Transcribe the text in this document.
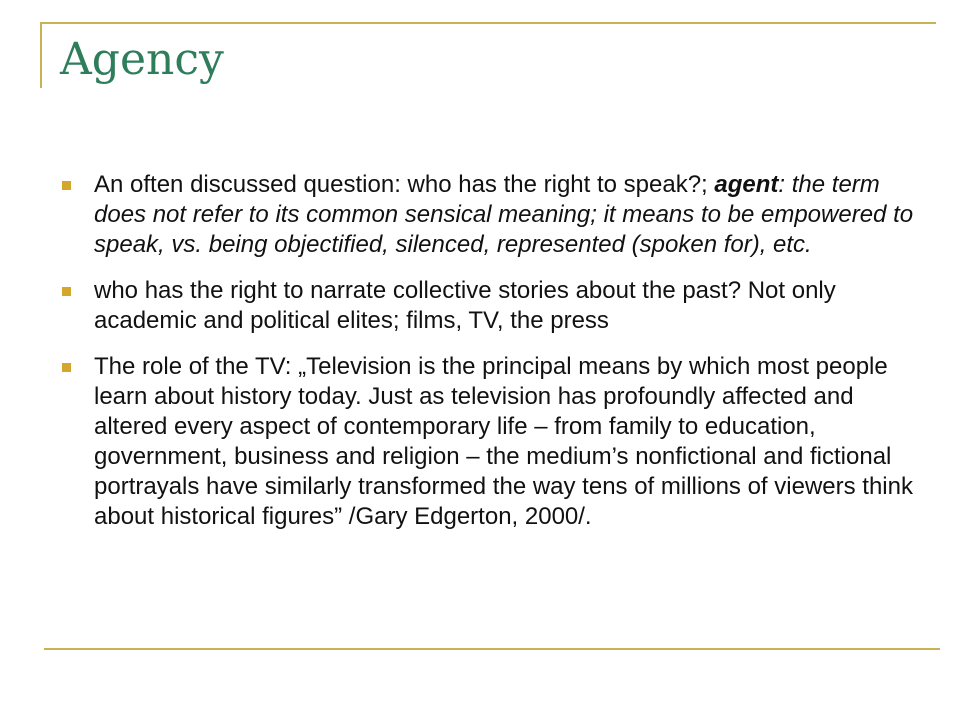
Agency
An often discussed question: who has the right to speak?; agent: the term does not refer to its common sensical meaning; it means to be empowered to speak, vs. being objectified, silenced, represented (spoken for), etc.
who has the right to narrate collective stories about the past? Not only academic and political elites; films, TV, the press
The role of the TV: „Television is the principal means by which most people learn about history today. Just as television has profoundly affected and altered every aspect of contemporary life – from family to education, government, business and religion – the medium’s nonfictional and fictional portrayals have similarly transformed the way tens of millions of viewers think about historical figures” /Gary Edgerton, 2000/.
